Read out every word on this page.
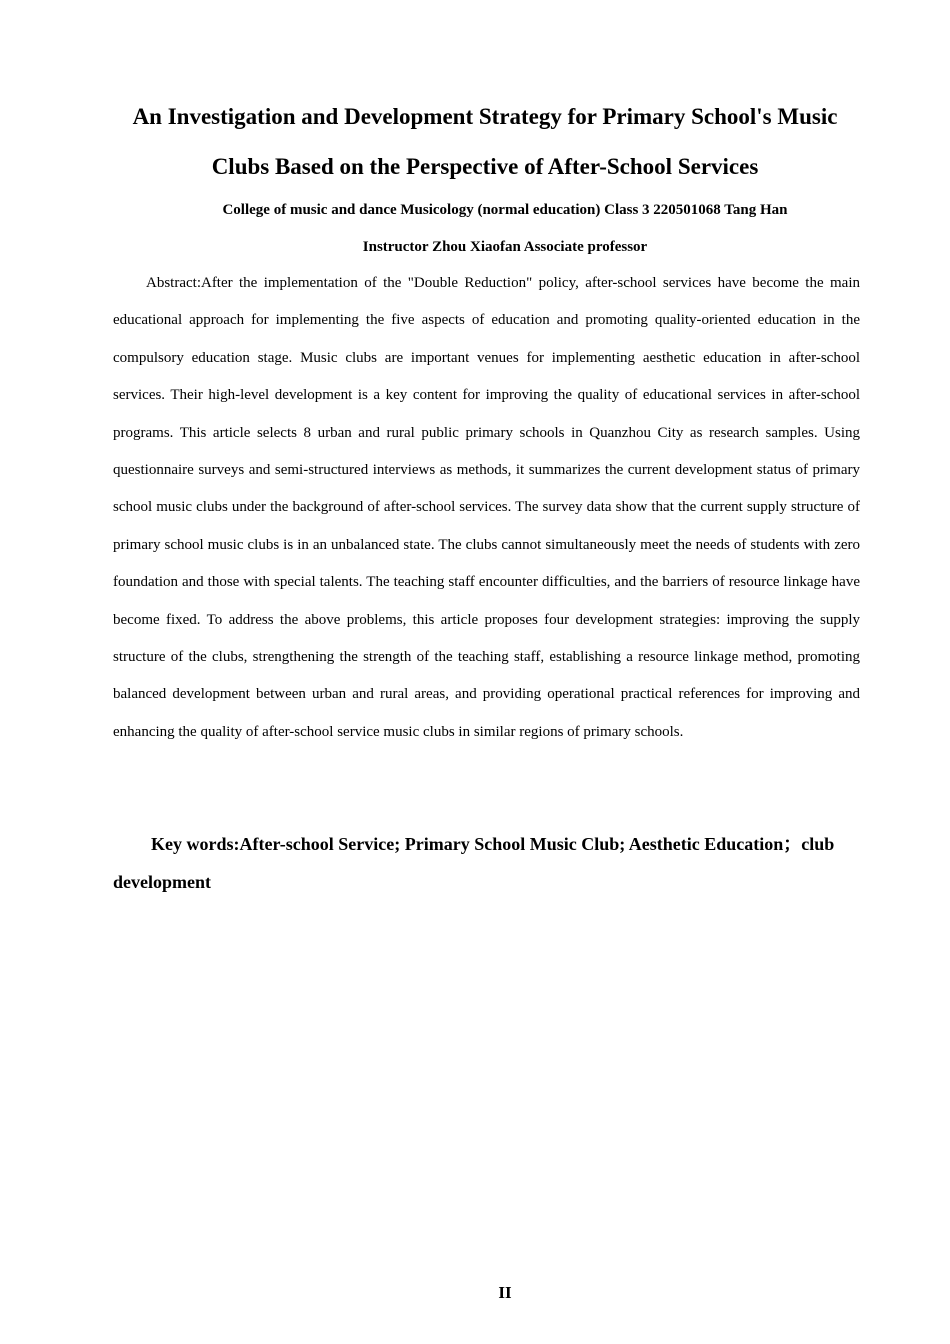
An Investigation and Development Strategy for Primary School's Music
Clubs Based on the Perspective of After-School Services

College of music and dance Musicology (normal education) Class 3 220501068 Tang Han

Instructor Zhou Xiaofan Associate professor

Abstract:After the implementation of the "Double Reduction" policy, after-school services have become the main educational approach for implementing the five aspects of education and promoting quality-oriented education in the compulsory education stage. Music clubs are important venues for implementing aesthetic education in after-school services. Their high-level development is a key content for improving the quality of educational services in after-school programs. This article selects 8 urban and rural public primary schools in Quanzhou City as research samples. Using questionnaire surveys and semi-structured interviews as methods, it summarizes the current development status of primary school music clubs under the background of after-school services. The survey data show that the current supply structure of primary school music clubs is in an unbalanced state. The clubs cannot simultaneously meet the needs of students with zero foundation and those with special talents. The teaching staff encounter difficulties, and the barriers of resource linkage have become fixed. To address the above problems, this article proposes four development strategies: improving the supply structure of the clubs, strengthening the strength of the teaching staff, establishing a resource linkage method, promoting balanced development between urban and rural areas, and providing operational practical references for improving and enhancing the quality of after-school service music clubs in similar regions of primary schools.

Key words:After-school Service; Primary School Music Club; Aesthetic Education；club development

II
